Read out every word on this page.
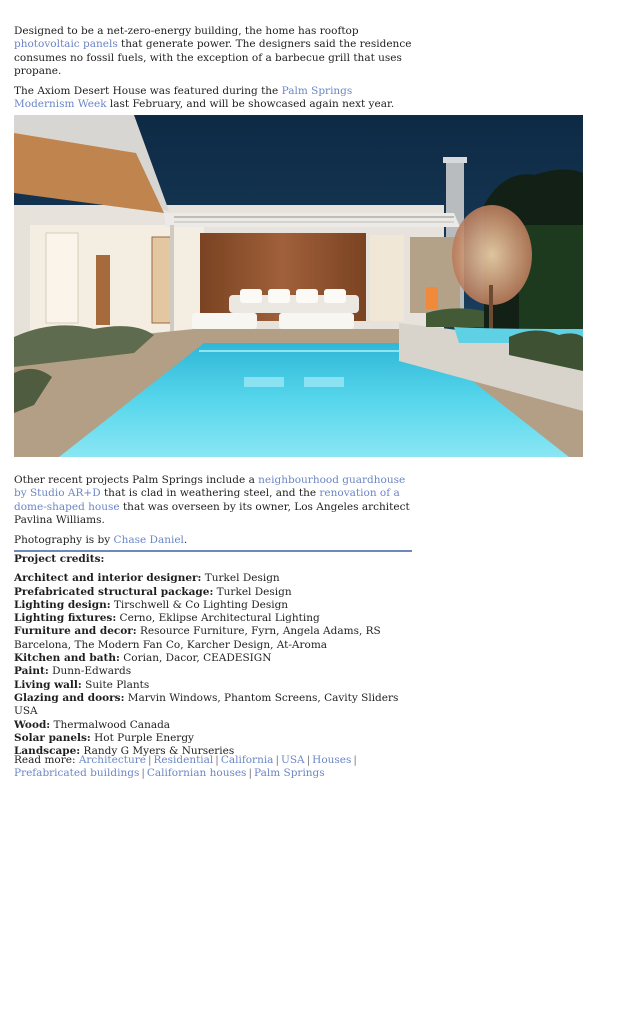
Designed to be a net-zero-energy building, the home has rooftop photovoltaic panels that generate power. The designers said the residence consumes no fossil fuels, with the exception of a barbecue grill that uses propane.

The Axiom Desert House was featured during the Palm Springs Modernism Week last February, and will be showcased again next year.

Other recent projects Palm Springs include a neighbourhood guardhouse by Studio AR+D that is clad in weathering steel, and the renovation of a dome-shaped house that was overseen by its owner, Los Angeles architect Pavlina Williams.

Photography is by Chase Daniel.

Project credits:
Architect and interior designer: Turkel Design
Prefabricated structural package: Turkel Design
Lighting design: Tirschwell & Co Lighting Design
Lighting fixtures: Cerno, Eklipse Architectural Lighting
Furniture and decor: Resource Furniture, Fyrn, Angela Adams, RS Barcelona, The Modern Fan Co, Karcher Design, At-Aroma
Kitchen and bath: Corian, Dacor, CEADESIGN
Paint: Dunn-Edwards
Living wall: Suite Plants
Glazing and doors: Marvin Windows, Phantom Screens, Cavity Sliders USA
Wood: Thermalwood Canada
Solar panels: Hot Purple Energy
Landscape: Randy G Myers & Nurseries
Read more: Architecture | Residential | California | USA | Houses |
Prefabricated buildings | Californian houses | Palm Springs
